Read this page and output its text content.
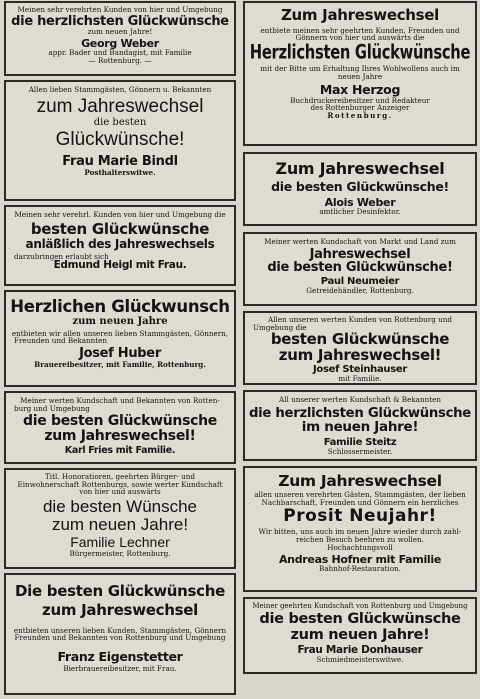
Meinen sehr verehrten Kunden von hier und Umgebung
die herzlichsten Glückwünsche
zum neuen Jahre!
Georg Weber
appr. Bader und Bandagist, mit Familie
— Rottenburg. —
Allen lieben Stammgästen, Gönnern u. Bekannten
zum Jahreswechsel
die besten
Glückwünsche!
Frau Marie Bindl
Posthalterswitwe.
Meinen sehr verehrl. Kunden von hier und Umgebung die
besten Glückwünsche
anläßlich des Jahreswechsels
darzubringen erlaubt sich
Edmund Heigl mit Frau.
Herzlichen Glückwunsch
zum neuen Jahre
entbieten wir allen unseren lieben Stammgästen, Gönnern,
Freunden und Bekannten
Josef Huber
Brauereibesitzer, mit Familie, Rottenburg.
Meiner werten Kundschaft und Bekannten von Rotten-
burg und Umgebung
die besten Glückwünsche
zum Jahreswechsel!
Karl Fries mit Familie.
Titl. Honoratioren, geehrten Bürger- und
Einwohnerschaft Rottenburgs, sowie werter Kundschaft
von hier und auswärts
die besten Wünsche
zum neuen Jahre!
Familie Lechner
Bürgermeister, Rottenburg.
Die besten Glückwünsche
zum Jahreswechsel
entbieten unseren lieben Kunden, Stammgästen, Gönnern
Freunden und Bekannten von Rottenburg und Umgebung
Franz Eigenstetter
Bierbrauereibesitzer, mit Frau.
Zum Jahreswechsel
entbiete meinen sehr geehrten Kunden, Freunden und
Gönnern von hier und auswärts die
Herzlichsten Glückwünsche
mit der Bitte um Erhaltung Ihres Wohlwollens auch im
neuen Jahre
Max Herzog
Buchdruckereibesitzer und Redakteur
des Rottenburger Anzeiger
Rottenburg.
Zum Jahreswechsel
die besten Glückwünsche!
Alois Weber
amtlicher Desinfektor.
Meiner werten Kundschaft von Markt und Land zum
Jahreswechsel
die besten Glückwünsche!
Paul Neumeier
Getreidehändler, Rottenburg.
Allen unseren werten Kunden von Rottenburg und
Umgebung die
besten Glückwünsche
zum Jahreswechsel!
Josef Steinhauser
mit Familie.
All unserer werten Kundschaft & Bekannten
die herzlichsten Glückwünsche
im neuen Jahre!
Familie Steitz
Schlossermeister.
Zum Jahreswechsel
allen unseren verehrten Gästen, Stammgästen, der lieben
Nachbarschaft, Freunden und Gönnern ein herzliches
Prosit Neujahr!
Wir bitten, uns auch im neuen Jahre wieder durch zahl-
reichen Besuch beehren zu wollen.
Hochachtungsvoll
Andreas Hofner mit Familie
Bahnhof-Restauration.
Meiner geehrten Kundschaft von Rottenburg und Umgebung
die besten Glückwünsche
zum neuen Jahre!
Frau Marie Donhauser
Schmiedmeisterswitwe.
